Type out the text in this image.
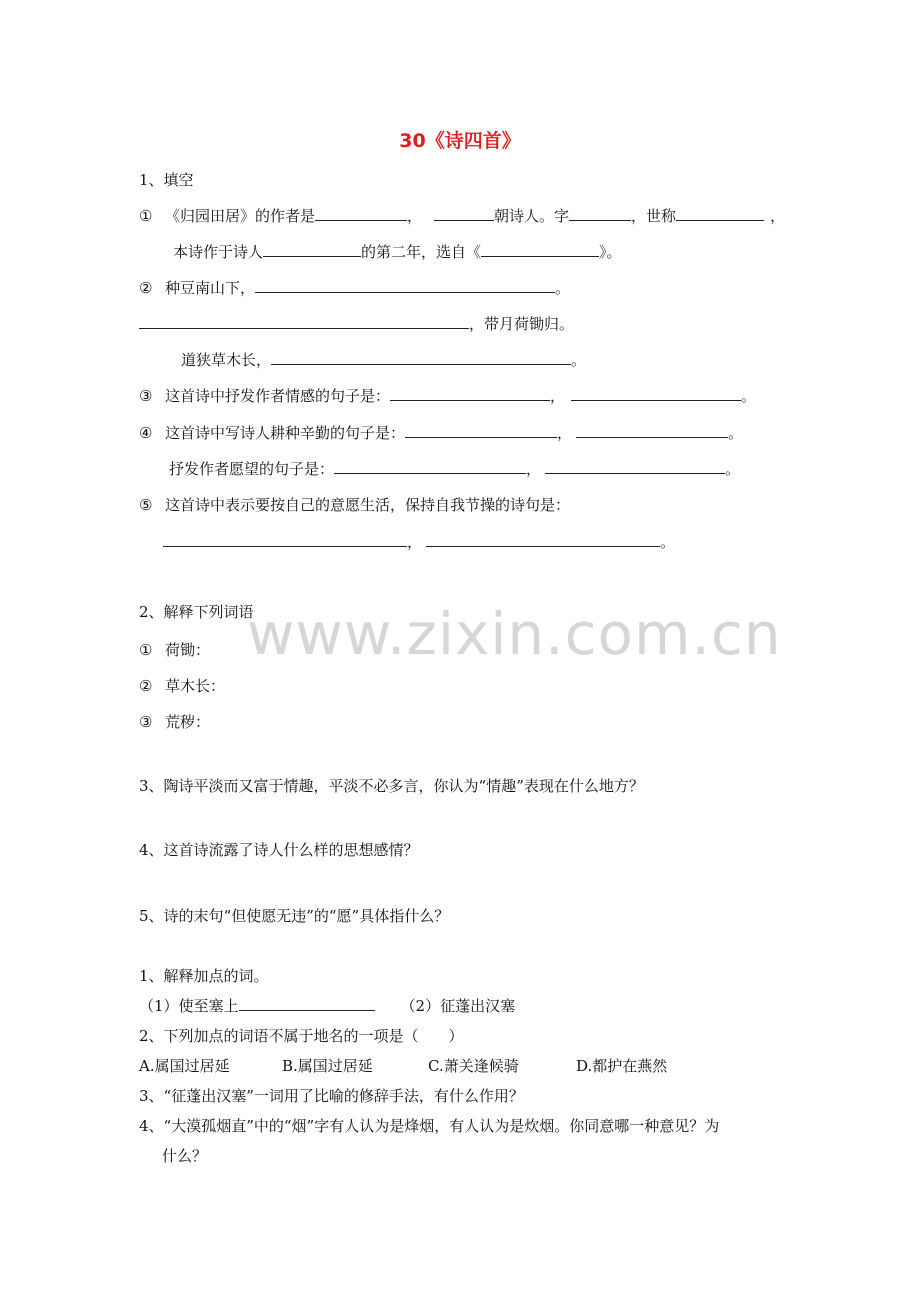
www.zixin.com.cn
30《诗四首》
1、填空
① 《归园田居》的作者是	，	朝诗人。字	，世称	，
本诗作于诗人	的第二年，选自《	》。
② 种豆南山下，	。
，带月荷锄归。
道狭草木长，	。
③ 这首诗中抒发作者情感的句子是：	，	。
④ 这首诗中写诗人耕种辛勤的句子是：	，	。
抒发作者愿望的句子是：	，	。
⑤ 这首诗中表示要按自己的意愿生活，保持自我节操的诗句是：
，	。
2、解释下列词语
① 荷锄：
② 草木长：
③ 荒秽：
3、陶诗平淡而又富于情趣，平淡不必多言，你认为“情趣”表现在什么地方？
4、这首诗流露了诗人什么样的思想感情？
5、诗的末句“但使愿无违”的“愿”具体指什么？
1、解释加点的词。
（1）使至塞上	（2）征蓬出汉塞
2、下列加点的词语不属于地名的一项是（　　）
A.属国过居延	B.属国过居延	C.萧关逢候骑	D.都护在燕然
3、“征蓬出汉塞”一词用了比喻的修辞手法，有什么作用？
4、“大漠孤烟直”中的“烟”字有人认为是烽烟，有人认为是炊烟。你同意哪一种意见？为
什么？
